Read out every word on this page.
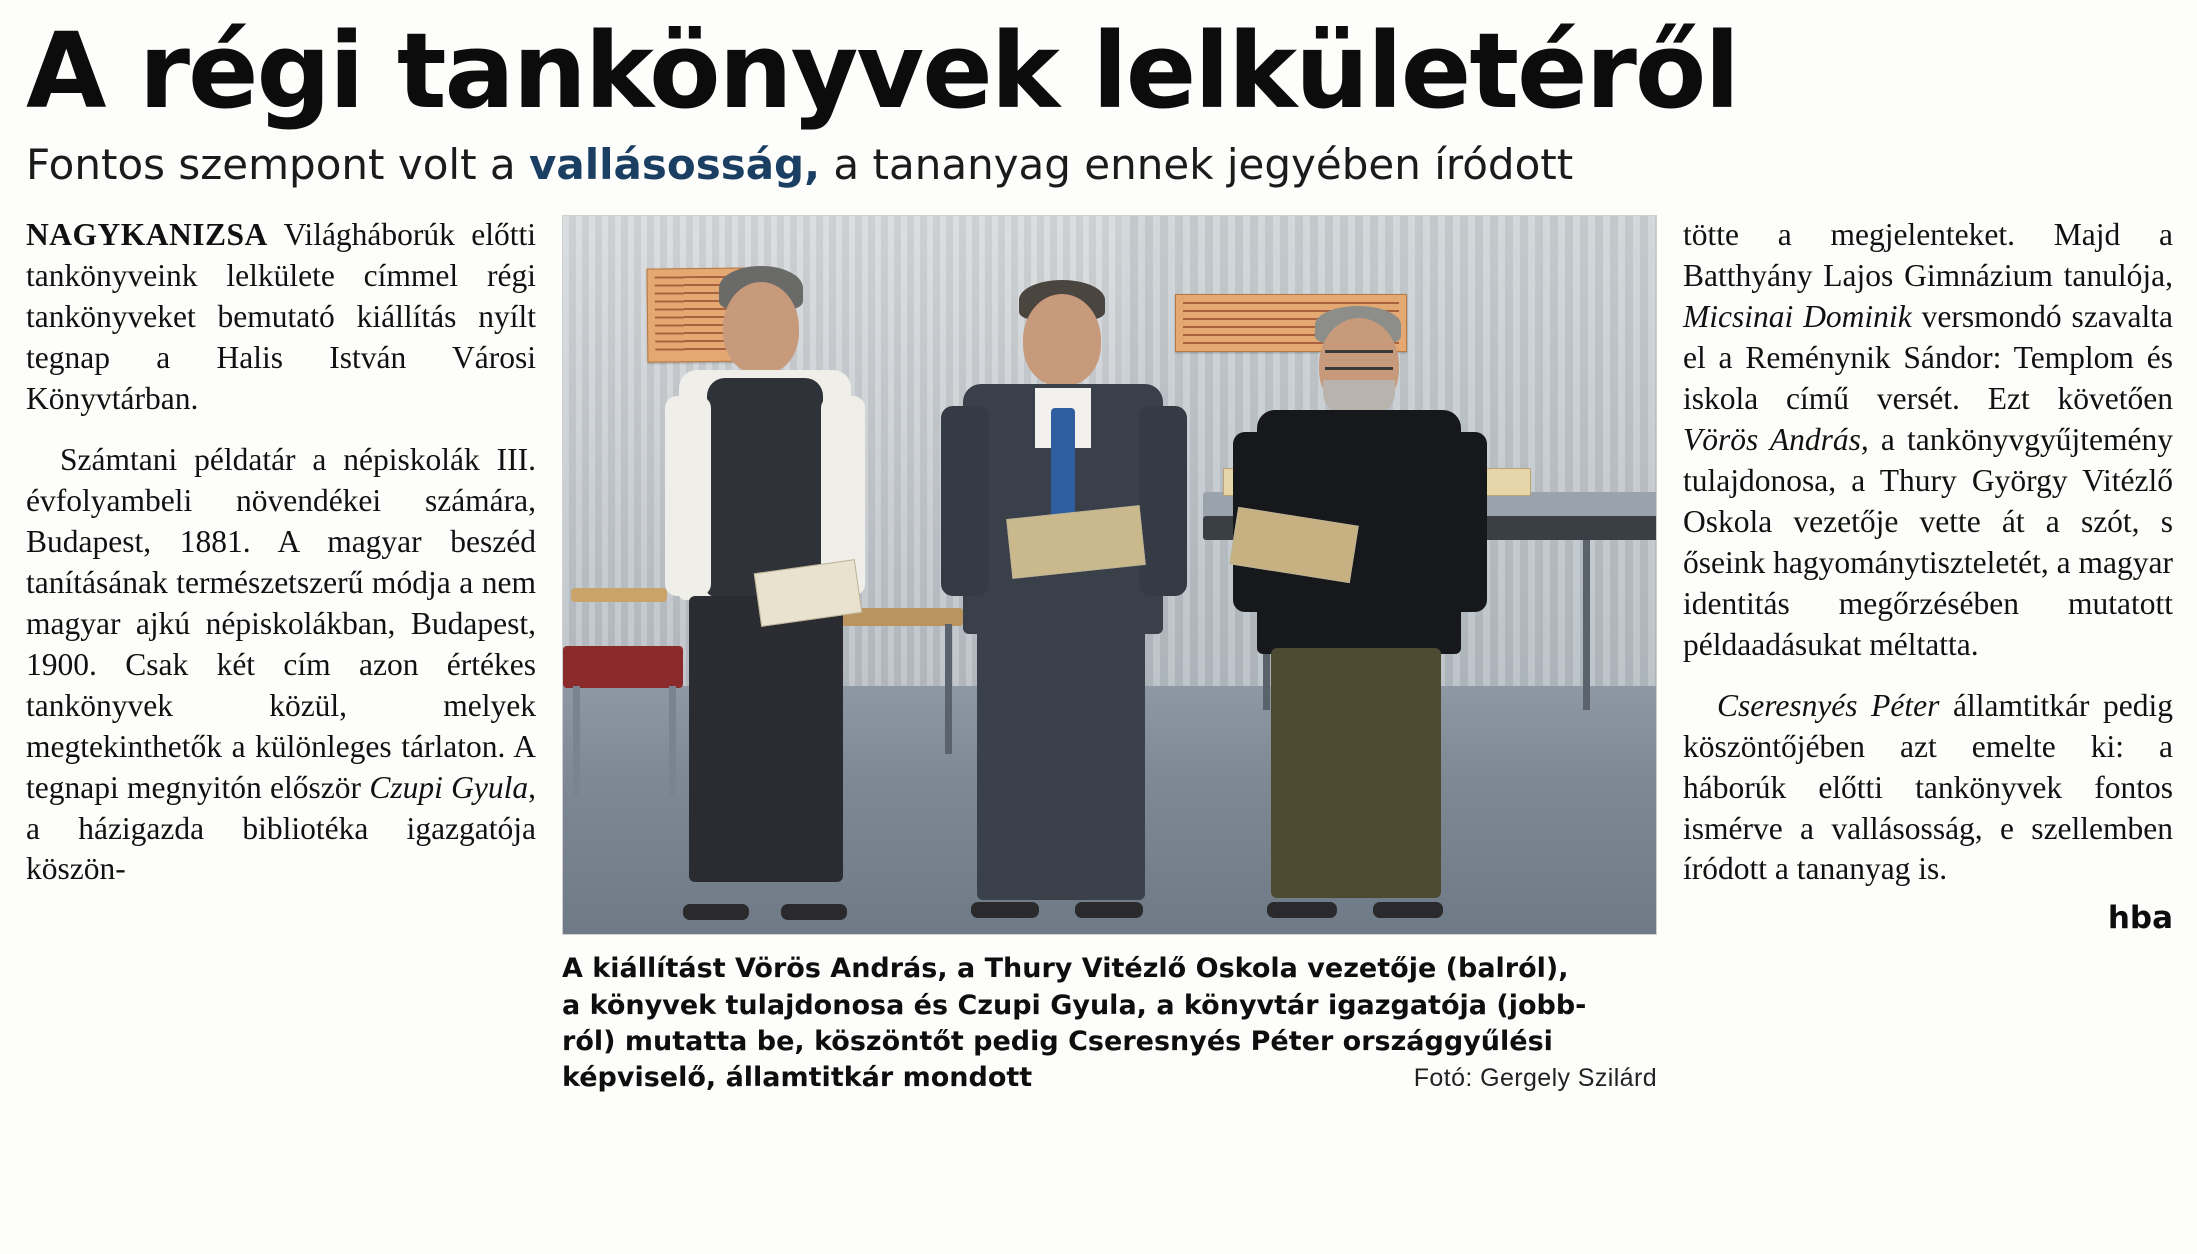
A régi tankönyvek lelkületéről
Fontos szempont volt a vallásosság, a tananyag ennek jegyében íródott

NAGYKANIZSA Világháborúk előtti tankönyveink lelkülete címmel régi tankönyveket bemutató kiállítás nyílt tegnap a Halis István Városi Könyvtárban.

Számtani példatár a népiskolák III. évfolyambeli növendékei számára, Budapest, 1881. A magyar beszéd tanításának természetszerű módja a nem magyar ajkú népiskolákban, Budapest, 1900. Csak két cím azon értékes tankönyvek közül, melyek megtekinthetők a különleges tárlaton. A tegnapi megnyitón először Czupi Gyula, a házigazda bibliotéka igazgatója köszön-

A kiállítást Vörös András, a Thury Vitézlő Oskola vezetője (balról),
a könyvek tulajdonosa és Czupi Gyula, a könyvtár igazgatója (jobb-
ról) mutatta be, köszöntőt pedig Cseresnyés Péter országgyűlési
képviselő, államtitkár mondott	Fotó: Gergely Szilárd

tötte a megjelenteket. Majd a Batthyány Lajos Gimnázium tanulója, Micsinai Dominik versmondó szavalta el a Reménynik Sándor: Templom és iskola című versét. Ezt követően Vörös András, a tankönyvgyűjtemény tulajdonosa, a Thury György Vitézlő Oskola vezetője vette át a szót, s őseink hagyománytiszteletét, a magyar identitás megőrzésében mutatott példaadásukat méltatta.

Cseresnyés Péter államtitkár pedig köszöntőjében azt emelte ki: a háborúk előtti tankönyvek fontos ismérve a vallásosság, e szellemben íródott a tananyag is.

hba
